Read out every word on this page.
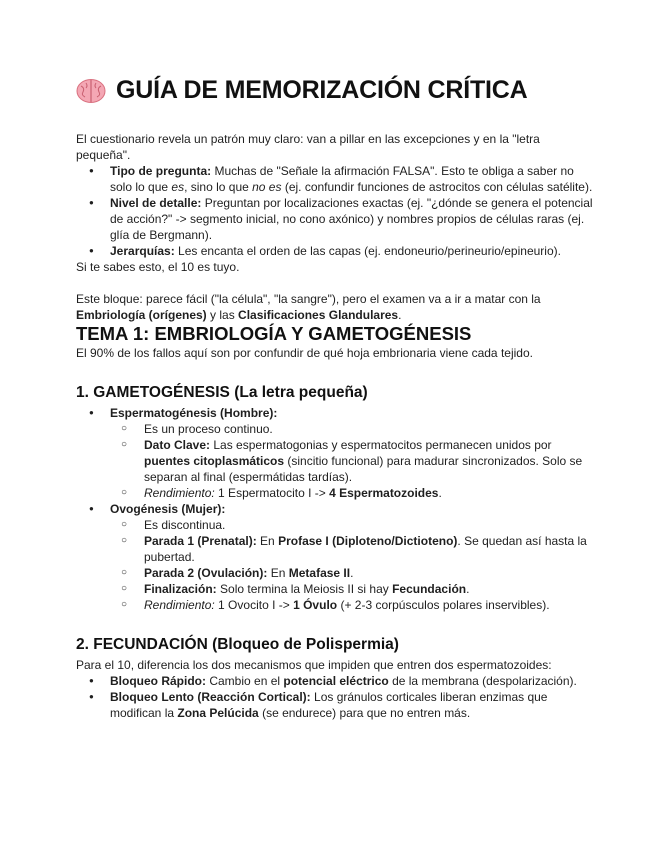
GUÍA DE MEMORIZACIÓN CRÍTICA

El cuestionario revela un patrón muy claro: van a pillar en las excepciones y en la "letra pequeña".

● Tipo de pregunta: Muchas de "Señale la afirmación FALSA". Esto te obliga a saber no solo lo que es, sino lo que no es (ej. confundir funciones de astrocitos con células satélite).
● Nivel de detalle: Preguntan por localizaciones exactas (ej. "¿dónde se genera el potencial de acción?" -> segmento inicial, no cono axónico) y nombres propios de células raras (ej. glía de Bergmann).
● Jerarquías: Les encanta el orden de las capas (ej. endoneurio/perineurio/epineurio).

Si te sabes esto, el 10 es tuyo.

Este bloque: parece fácil ("la célula", "la sangre"), pero el examen va a ir a matar con la Embriología (orígenes) y las Clasificaciones Glandulares.

TEMA 1: EMBRIOLOGÍA Y GAMETOGÉNESIS

El 90% de los fallos aquí son por confundir de qué hoja embrionaria viene cada tejido.

1. GAMETOGÉNESIS (La letra pequeña)
● Espermatogénesis (Hombre):
○ Es un proceso continuo.
○ Dato Clave: Las espermatogonias y espermatocitos permanecen unidos por puentes citoplasmáticos (sincitio funcional) para madurar sincronizados. Solo se separan al final (espermátidas tardías).
○ Rendimiento: 1 Espermatocito I -> 4 Espermatozoides.
● Ovogénesis (Mujer):
○ Es discontinua.
○ Parada 1 (Prenatal): En Profase I (Diploteno/Dictioteno). Se quedan así hasta la pubertad.
○ Parada 2 (Ovulación): En Metafase II.
○ Finalización: Solo termina la Meiosis II si hay Fecundación.
○ Rendimiento: 1 Ovocito I -> 1 Óvulo (+ 2-3 corpúsculos polares inservibles).
2. FECUNDACIÓN (Bloqueo de Polispermia)

Para el 10, diferencia los dos mecanismos que impiden que entren dos espermatozoides:

● Bloqueo Rápido: Cambio en el potencial eléctrico de la membrana (despolarización).
● Bloqueo Lento (Reacción Cortical): Los gránulos corticales liberan enzimas que modifican la Zona Pelúcida (se endurece) para que no entren más.
